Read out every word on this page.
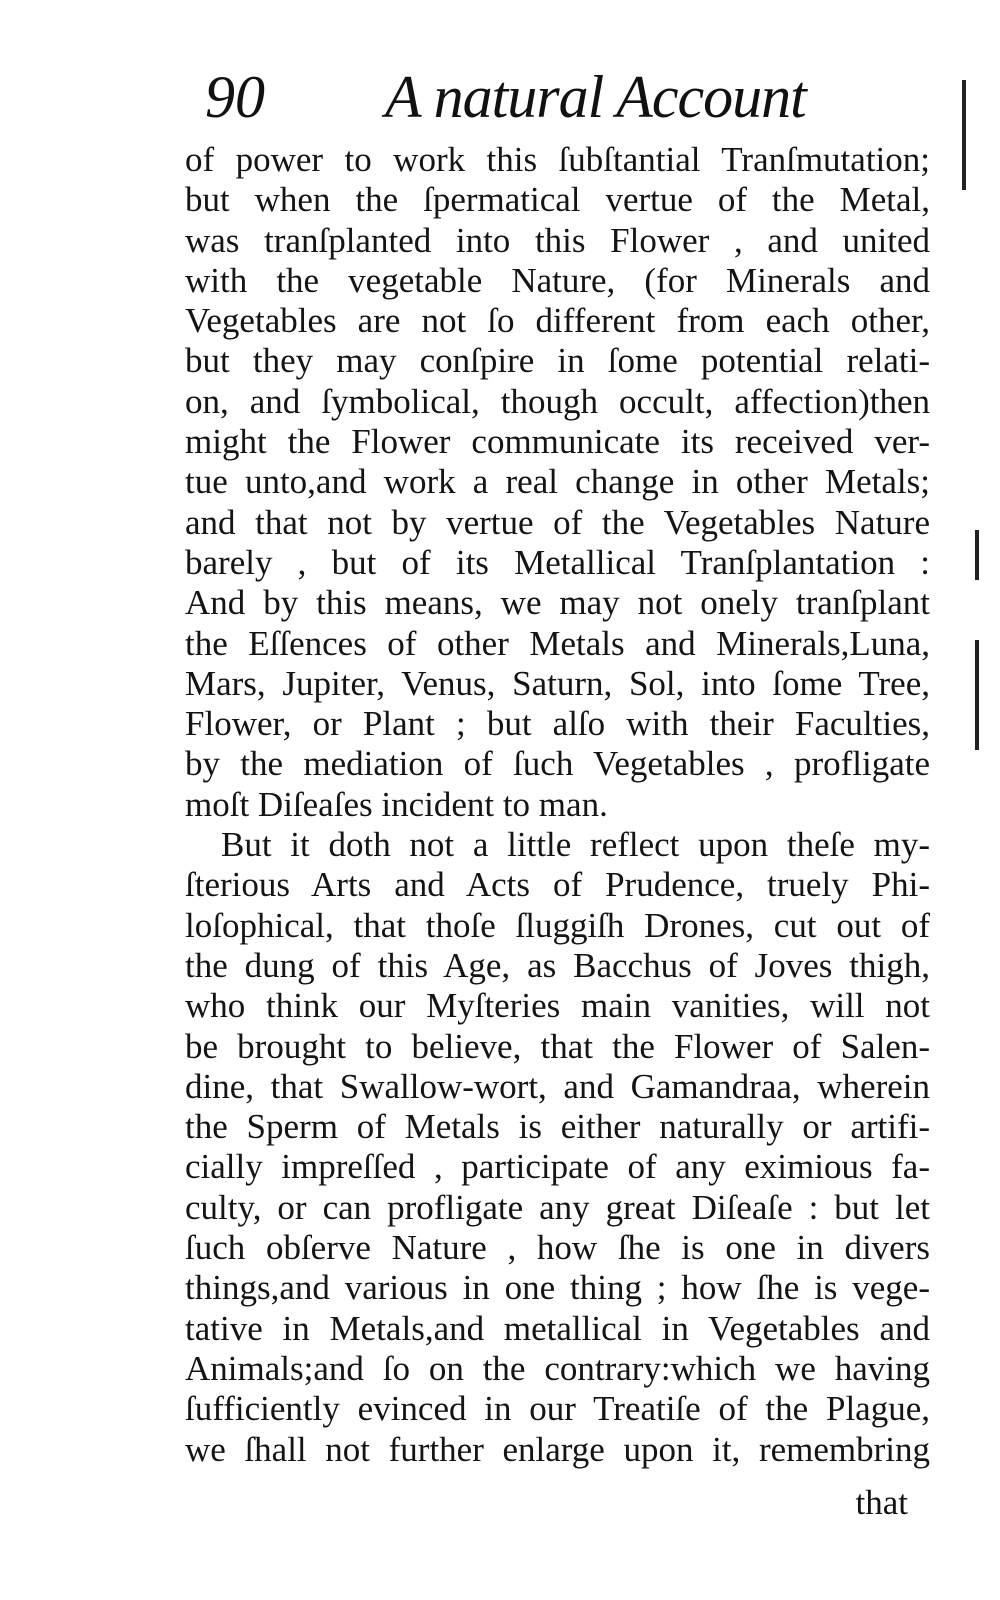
90 A natural Account
of power to work this ſubſtantial Tranſmutation;
but when the ſpermatical vertue of the Metal,
was tranſplanted into this Flower , and united
with the vegetable Nature, (for Minerals and
Vegetables are not ſo different from each other,
but they may conſpire in ſome potential relati-
on, and ſymbolical, though occult, affection)then
might the Flower communicate its received ver-
tue unto,and work a real change in other Metals;
and that not by vertue of the Vegetables Nature
barely , but of its Metallical Tranſplantation :
And by this means, we may not onely tranſplant
the Eſſences of other Metals and Minerals,Luna,
Mars, Jupiter, Venus, Saturn, Sol, into ſome Tree,
Flower, or Plant ; but alſo with their Faculties,
by the mediation of ſuch Vegetables , profligate
moſt Diſeaſes incident to man.
But it doth not a little reflect upon theſe my-
ſterious Arts and Acts of Prudence, truely Phi-
loſophical, that thoſe ſluggiſh Drones, cut out of
the dung of this Age, as Bacchus of Joves thigh,
who think our Myſteries main vanities, will not
be brought to believe, that the Flower of Salen-
dine, that Swallow-wort, and Gamandraa, wherein
the Sperm of Metals is either naturally or artifi-
cially impreſſed , participate of any eximious fa-
culty, or can profligate any great Diſeaſe : but let
ſuch obſerve Nature , how ſhe is one in divers
things,and various in one thing ; how ſhe is vege-
tative in Metals,and metallical in Vegetables and
Animals;and ſo on the contrary:which we having
ſufficiently evinced in our Treatiſe of the Plague,
we ſhall not further enlarge upon it, remembring
that
